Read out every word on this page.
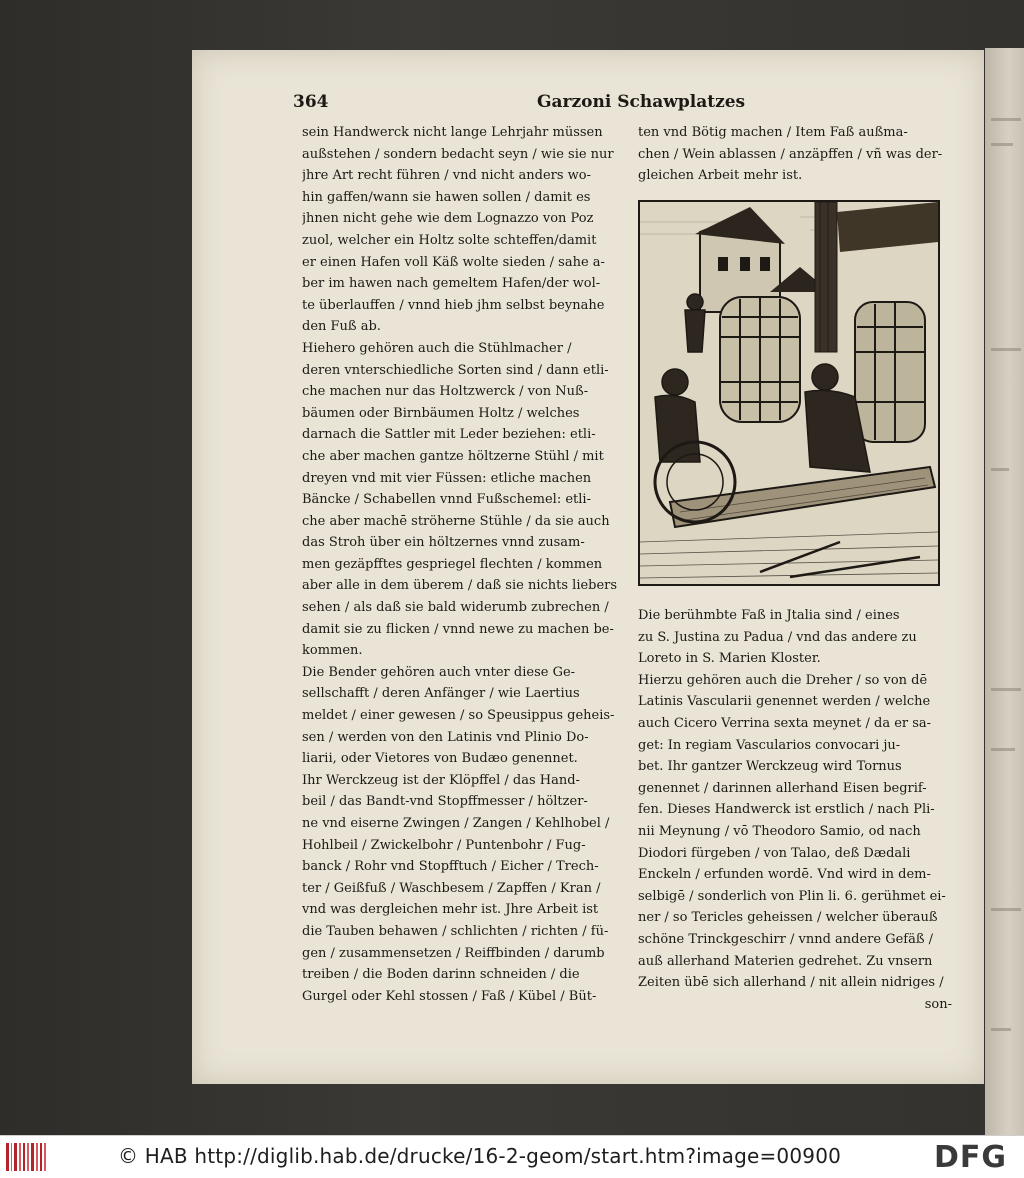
364	Garzoni Schawplatzes
sein Handwerck nicht lange Lehrjahr müssen
außstehen / sondern bedacht seyn / wie sie nur
jhre Art recht führen / vnd nicht anders wo-
hin gaffen/wann sie hawen sollen / damit es
jhnen nicht gehe wie dem Lognazzo von Poz
zuol, welcher ein Holtz solte schteffen/damit
er einen Hafen voll Käß wolte sieden / sahe a-
ber im hawen nach gemeltem Hafen/der wol-
te überlauffen / vnnd hieb jhm selbst beynahe
den Fuß ab.
Hiehero gehören auch die Stühlmacher /
deren vnterschiedliche Sorten sind / dann etli-
che machen nur das Holtzwerck / von Nuß-
bäumen oder Birnbäumen Holtz / welches
darnach die Sattler mit Leder beziehen: etli-
che aber machen gantze höltzerne Stühl / mit
dreyen vnd mit vier Füssen: etliche machen
Bäncke / Schabellen vnnd Fußschemel: etli-
che aber machē ströherne Stühle / da sie auch
das Stroh über ein höltzernes vnnd zusam-
men gezäpfftes gespriegel flechten / kommen
aber alle in dem überem / daß sie nichts liebers
sehen / als daß sie bald widerumb zubrechen /
damit sie zu flicken / vnnd newe zu machen be-
kommen.
Die Bender gehören auch vnter diese Ge-
sellschafft / deren Anfänger / wie Laertius
meldet / einer gewesen / so Speusippus geheis-
sen / werden von den Latinis vnd Plinio Do-
liarii, oder Vietores von Budæo genennet.
Ihr Werckzeug ist der Klöpffel / das Hand-
beil / das Bandt-vnd Stopffmesser / höltzer-
ne vnd eiserne Zwingen / Zangen / Kehlhobel /
Hohlbeil / Zwickelbohr / Puntenbohr / Fug-
banck / Rohr vnd Stopfftuch / Eicher / Trech-
ter / Geißfuß / Waschbesem / Zapffen / Kran /
vnd was dergleichen mehr ist. Jhre Arbeit ist
die Tauben behawen / schlichten / richten / fü-
gen / zusammensetzen / Reiffbinden / darumb
treiben / die Boden darinn schneiden / die
Gurgel oder Kehl stossen / Faß / Kübel / Büt-
ten vnd Bötig machen / Item Faß außma-
chen / Wein ablassen / anzäpffen / vñ was der-
gleichen Arbeit mehr ist.
Die berühmbte Faß in Jtalia sind / eines
zu S. Justina zu Padua / vnd das andere zu
Loreto in S. Marien Kloster.
Hierzu gehören auch die Dreher / so von dē
Latinis Vascularii genennet werden / welche
auch Cicero Verrina sexta meynet / da er sa-
get: In regiam Vascularios convocari ju-
bet. Ihr gantzer Werckzeug wird Tornus
genennet / darinnen allerhand Eisen begrif-
fen. Dieses Handwerck ist erstlich / nach Pli-
nii Meynung / vō Theodoro Samio, od nach
Diodori fürgeben / von Talao, deß Dædali
Enckeln / erfunden wordē. Vnd wird in dem-
selbigē / sonderlich von Plin li. 6. gerühmet ei-
ner / so Tericles geheissen / welcher überauß
schöne Trinckgeschirr / vnnd andere Gefäß /
auß allerhand Materien gedrehet. Zu vnsern
Zeiten übē sich allerhand / nit allein nidriges /
son-
© HAB http://diglib.hab.de/drucke/16-2-geom/start.htm?image=00900	DFG
